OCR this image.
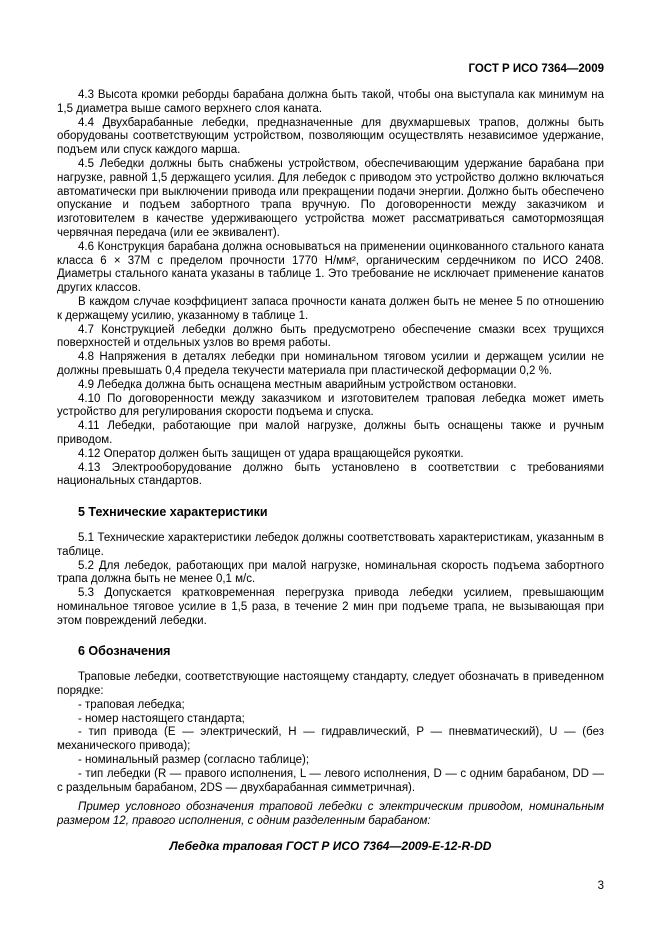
ГОСТ Р ИСО 7364—2009
4.3 Высота кромки реборды барабана должна быть такой, чтобы она выступала как минимум на 1,5 диаметра выше самого верхнего слоя каната.
4.4 Двухбарабанные лебедки, предназначенные для двухмаршевых трапов, должны быть оборудованы соответствующим устройством, позволяющим осуществлять независимое удержание, подъем или спуск каждого марша.
4.5 Лебедки должны быть снабжены устройством, обеспечивающим удержание барабана при нагрузке, равной 1,5 держащего усилия. Для лебедок с приводом это устройство должно включаться автоматически при выключении привода или прекращении подачи энергии. Должно быть обеспечено опускание и подъем забортного трапа вручную. По договоренности между заказчиком и изготовителем в качестве удерживающего устройства может рассматриваться самотормозящая червячная передача (или ее эквивалент).
4.6 Конструкция барабана должна основываться на применении оцинкованного стального каната класса 6 × 37М с пределом прочности 1770 Н/мм², органическим сердечником по ИСО 2408. Диаметры стального каната указаны в таблице 1. Это требование не исключает применение канатов других классов.
В каждом случае коэффициент запаса прочности каната должен быть не менее 5 по отношению к держащему усилию, указанному в таблице 1.
4.7 Конструкцией лебедки должно быть предусмотрено обеспечение смазки всех трущихся поверхностей и отдельных узлов во время работы.
4.8 Напряжения в деталях лебедки при номинальном тяговом усилии и держащем усилии не должны превышать 0,4 предела текучести материала при пластической деформации 0,2 %.
4.9 Лебедка должна быть оснащена местным аварийным устройством остановки.
4.10 По договоренности между заказчиком и изготовителем траповая лебедка может иметь устройство для регулирования скорости подъема и спуска.
4.11 Лебедки, работающие при малой нагрузке, должны быть оснащены также и ручным приводом.
4.12 Оператор должен быть защищен от удара вращающейся рукоятки.
4.13 Электрооборудование должно быть установлено в соответствии с требованиями национальных стандартов.
5 Технические характеристики
5.1 Технические характеристики лебедок должны соответствовать характеристикам, указанным в таблице.
5.2 Для лебедок, работающих при малой нагрузке, номинальная скорость подъема забортного трапа должна быть не менее 0,1 м/с.
5.3 Допускается кратковременная перегрузка привода лебедки усилием, превышающим номинальное тяговое усилие в 1,5 раза, в течение 2 мин при подъеме трапа, не вызывающая при этом повреждений лебедки.
6 Обозначения
Траповые лебедки, соответствующие настоящему стандарту, следует обозначать в приведенном порядке:
- траповая лебедка;
- номер настоящего стандарта;
- тип привода (E — электрический, H — гидравлический, P — пневматический), U — (без механического привода);
- номинальный размер (согласно таблице);
- тип лебедки (R — правого исполнения, L — левого исполнения, D — с одним барабаном, DD — с раздельным барабаном, 2DS — двухбарабанная симметричная).
Пример условного обозначения траповой лебедки с электрическим приводом, номинальным размером 12, правого исполнения, с одним разделенным барабаном:
Лебедка траповая ГОСТ Р ИСО 7364—2009-E-12-R-DD
3
